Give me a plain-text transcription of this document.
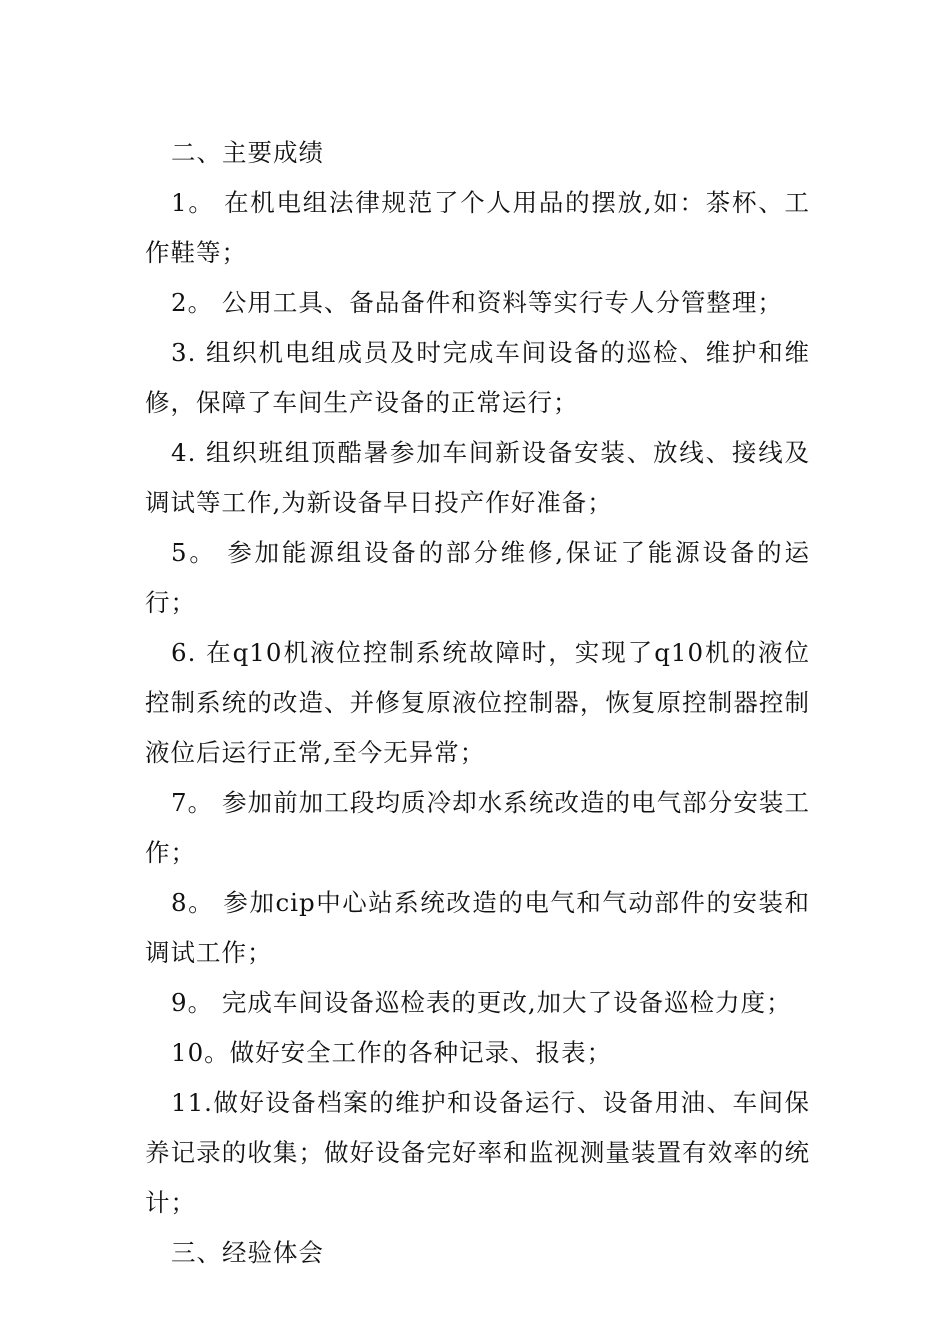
二、主要成绩

1。 在机电组法律规范了个人用品的摆放,如：茶杯、工作鞋等；

2。 公用工具、备品备件和资料等实行专人分管整理；

3. 组织机电组成员及时完成车间设备的巡检、维护和维修，保障了车间生产设备的正常运行；

4. 组织班组顶酷暑参加车间新设备安装、放线、接线及调试等工作,为新设备早日投产作好准备；

5。 参加能源组设备的部分维修,保证了能源设备的运行；

6. 在q10机液位控制系统故障时，实现了q10机的液位控制系统的改造、并修复原液位控制器，恢复原控制器控制液位后运行正常,至今无异常；

7。 参加前加工段均质冷却水系统改造的电气部分安装工作；

8。 参加cip中心站系统改造的电气和气动部件的安装和调试工作；

9。 完成车间设备巡检表的更改,加大了设备巡检力度；

10。做好安全工作的各种记录、报表；

11.做好设备档案的维护和设备运行、设备用油、车间保养记录的收集；做好设备完好率和监视测量装置有效率的统计；

三、经验体会
